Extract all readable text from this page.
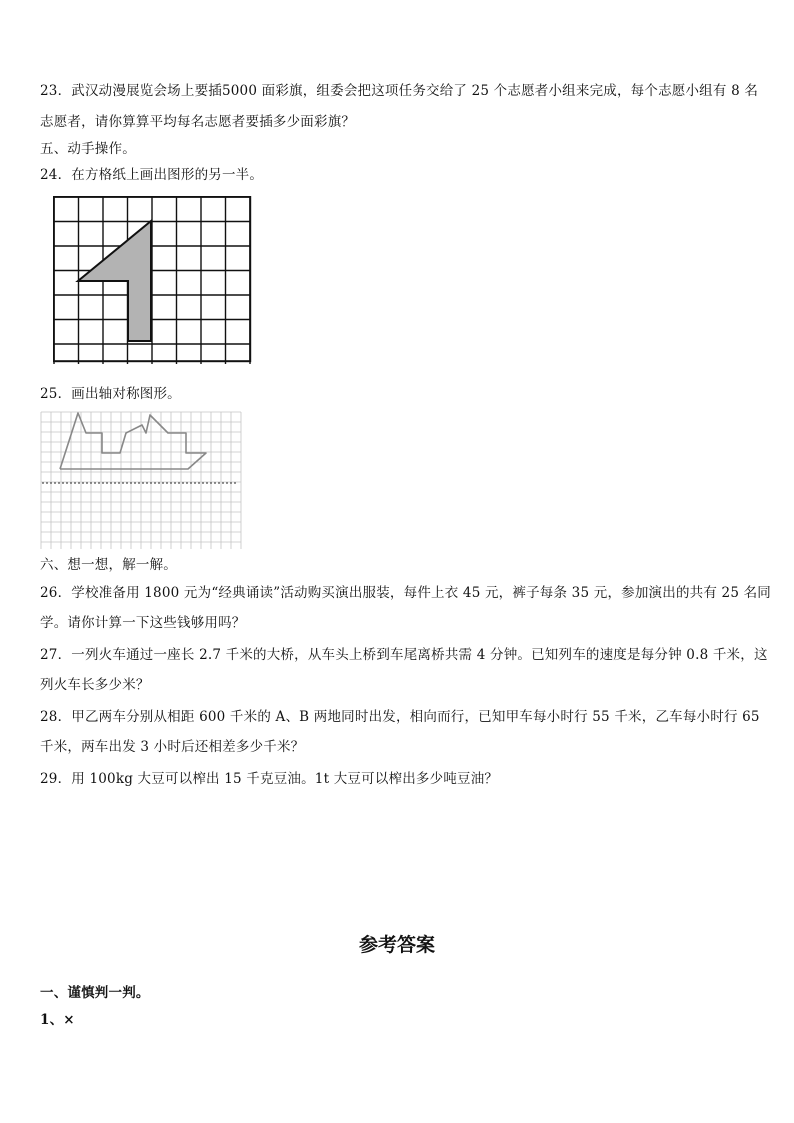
23．武汉动漫展览会场上要插5000 面彩旗，组委会把这项任务交给了 25 个志愿者小组来完成，每个志愿小组有 8 名
志愿者，请你算算平均每名志愿者要插多少面彩旗？
五、动手操作。
24．在方格纸上画出图形的另一半。
25．画出轴对称图形。
六、想一想，解一解。
26．学校准备用 1800 元为“经典诵读”活动购买演出服装，每件上衣 45 元，裤子每条 35 元，参加演出的共有 25 名同
学。请你计算一下这些钱够用吗？
27．一列火车通过一座长 2.7 千米的大桥，从车头上桥到车尾离桥共需 4 分钟。已知列车的速度是每分钟 0.8 千米，这
列火车长多少米？
28．甲乙两车分别从相距 600 千米的 A、B 两地同时出发，相向而行，已知甲车每小时行 55 千米，乙车每小时行 65
千米，两车出发 3 小时后还相差多少千米？
29．用 100kg 大豆可以榨出 15 千克豆油。1t 大豆可以榨出多少吨豆油？
参考答案
一、谨慎判一判。
1、×
